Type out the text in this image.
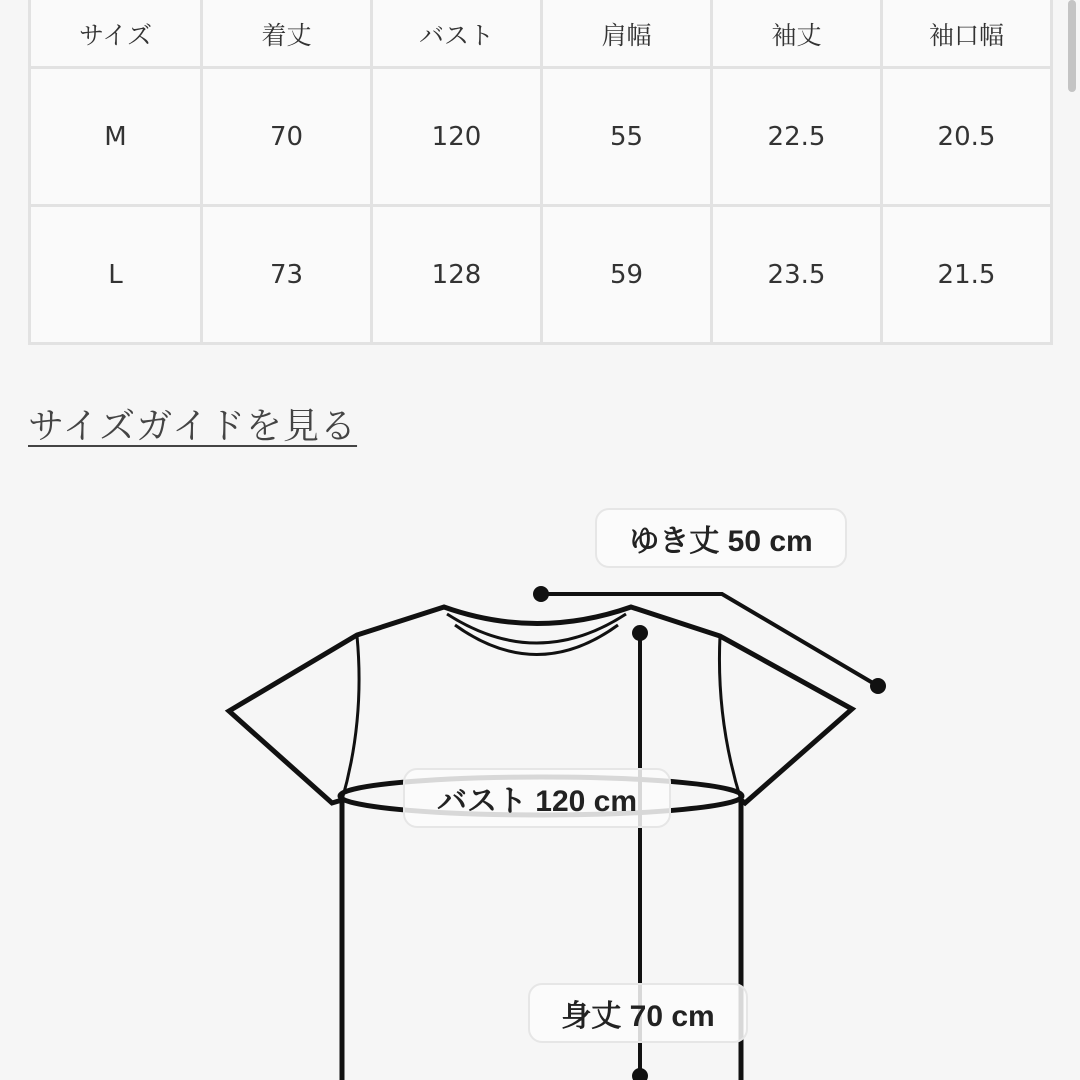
サイズ	着丈	バスト	肩幅	袖丈	袖口幅
M	70	120	55	22.5	20.5
L	73	128	59	23.5	21.5
サイズガイドを見る
ゆき丈 50 cm
バスト 120 cm
身丈 70 cm
